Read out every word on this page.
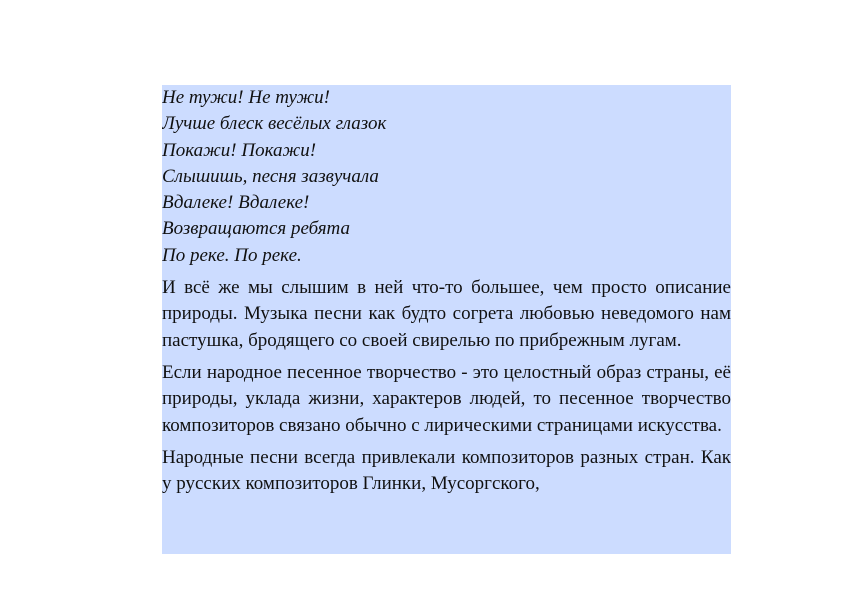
Не тужи! Не тужи!
Лучше блеск весёлых глазок
Покажи! Покажи!
Слышишь, песня зазвучала
Вдалеке! Вдалеке!
Возвращаются ребята
По реке. По реке.

И всё же мы слышим в ней что-то большее, чем просто описание природы. Музыка песни как будто согрета любовью неведомого нам пастушка, бродящего со своей свирелью по прибрежным лугам.

Если народное песенное творчество - это целостный образ страны, её природы, уклада жизни, характеров людей, то песенное творчество композиторов связано обычно с лирическими страницами искусства.

Народные песни всегда привлекали композиторов разных стран. Как у русских композиторов Глинки, Мусоргского,
